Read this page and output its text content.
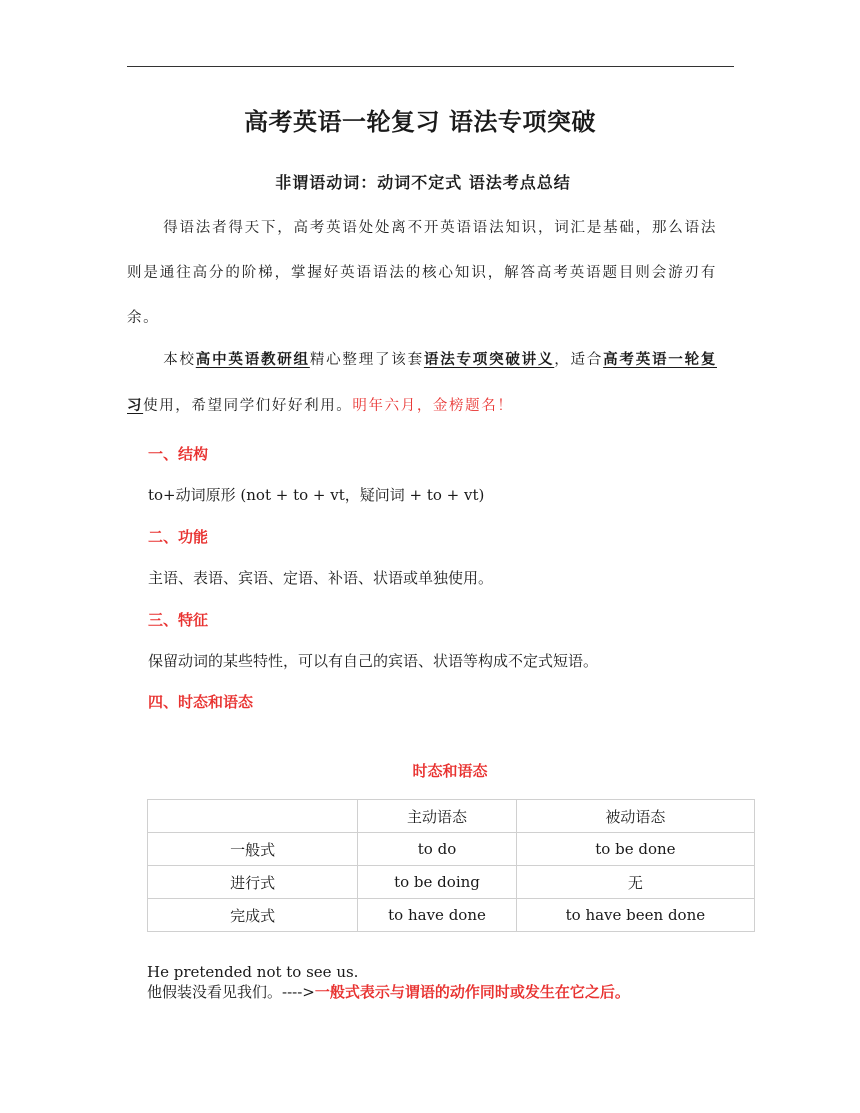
高考英语一轮复习 语法专项突破
非谓语动词：动词不定式 语法考点总结
得语法者得天下，高考英语处处离不开英语语法知识，词汇是基础，那么语法则是通往高分的阶梯，掌握好英语语法的核心知识，解答高考英语题目则会游刃有余。
本校高中英语教研组精心整理了该套语法专项突破讲义，适合高考英语一轮复习使用，希望同学们好好利用。明年六月，金榜题名！
一、结构
to+动词原形 (not + to + vt，疑问词 + to + vt)
二、功能
主语、表语、宾语、定语、补语、状语或单独使用。
三、特征
保留动词的某些特性，可以有自己的宾语、状语等构成不定式短语。
四、时态和语态
时态和语态
	主动语态	被动语态
一般式	to do	to be done
进行式	to be doing	无
完成式	to have done	to have been done
He pretended not to see us.
他假装没看见我们。---->一般式表示与谓语的动作同时或发生在它之后。
